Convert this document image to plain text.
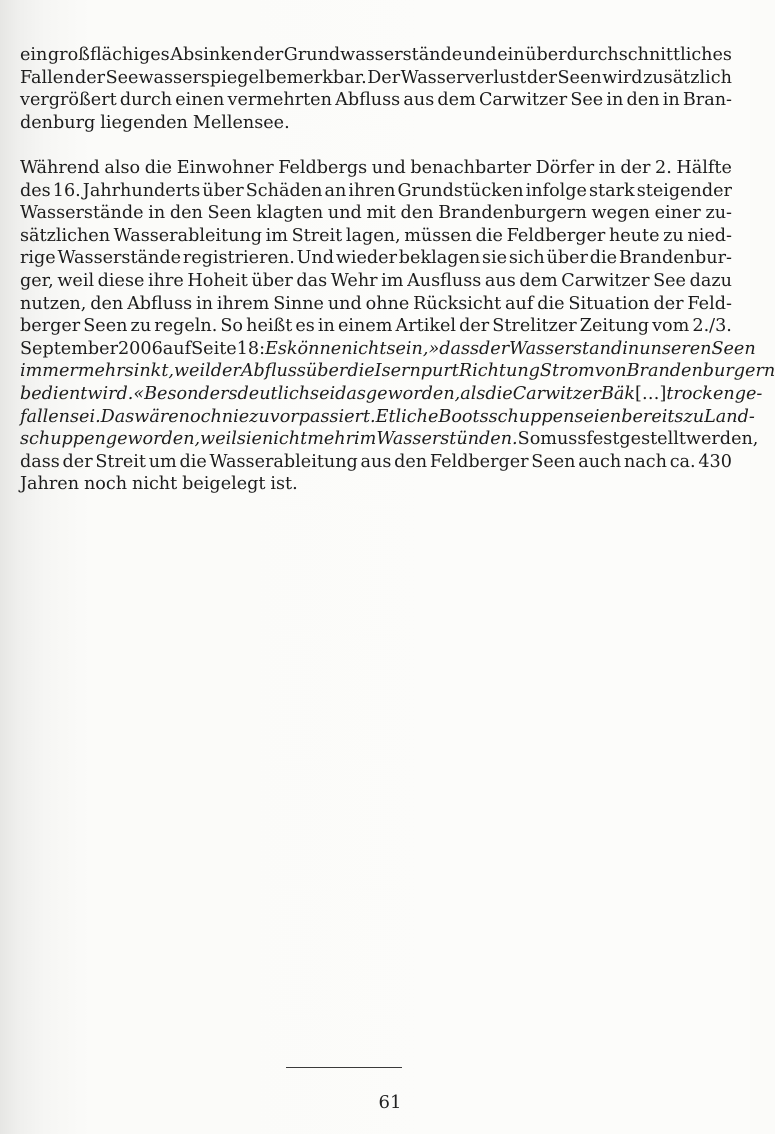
ein großflächiges Absinken der Grundwasserstände und ein überdurchschnittliches
Fallen der Seewasserspiegel bemerkbar. Der Wasserverlust der Seen wird zusätzlich
vergrößert durch einen vermehrten Abfluss aus dem Carwitzer See in den in Bran-
denburg liegenden Mellensee.
Während also die Einwohner Feldbergs und benachbarter Dörfer in der 2. Hälfte
des 16. Jahrhunderts über Schäden an ihren Grundstücken infolge stark steigender
Wasserstände in den Seen klagten und mit den Brandenburgern wegen einer zu-
sätzlichen Wasserableitung im Streit lagen, müssen die Feldberger heute zu nied-
rige Wasserstände registrieren. Und wieder beklagen sie sich über die Brandenbur-
ger, weil diese ihre Hoheit über das Wehr im Ausfluss aus dem Carwitzer See dazu
nutzen, den Abfluss in ihrem Sinne und ohne Rücksicht auf die Situation der Feld-
berger Seen zu regeln. So heißt es in einem Artikel der Strelitzer Zeitung vom 2./3.
September 2006 auf Seite 18:Es könne nicht sein, »dass der Wasserstand in unseren Seen
immer mehr sinkt, weil der Abfluss über die Isernpurt Richtung Strom von Brandenburgern
bedient wird.« Besonders deutlich sei das geworden, als die Carwitzer Bäk[…] trocken ge-
fallen sei. Das wäre noch nie zuvor passiert. Etliche Bootsschuppen seien bereits zu Land-
schuppen geworden, weil sie nicht mehr im Wasser stünden. So muss festgestellt werden,
dass der Streit um die Wasserableitung aus den Feldberger Seen auch nach ca. 430
Jahren noch nicht beigelegt ist.
61
